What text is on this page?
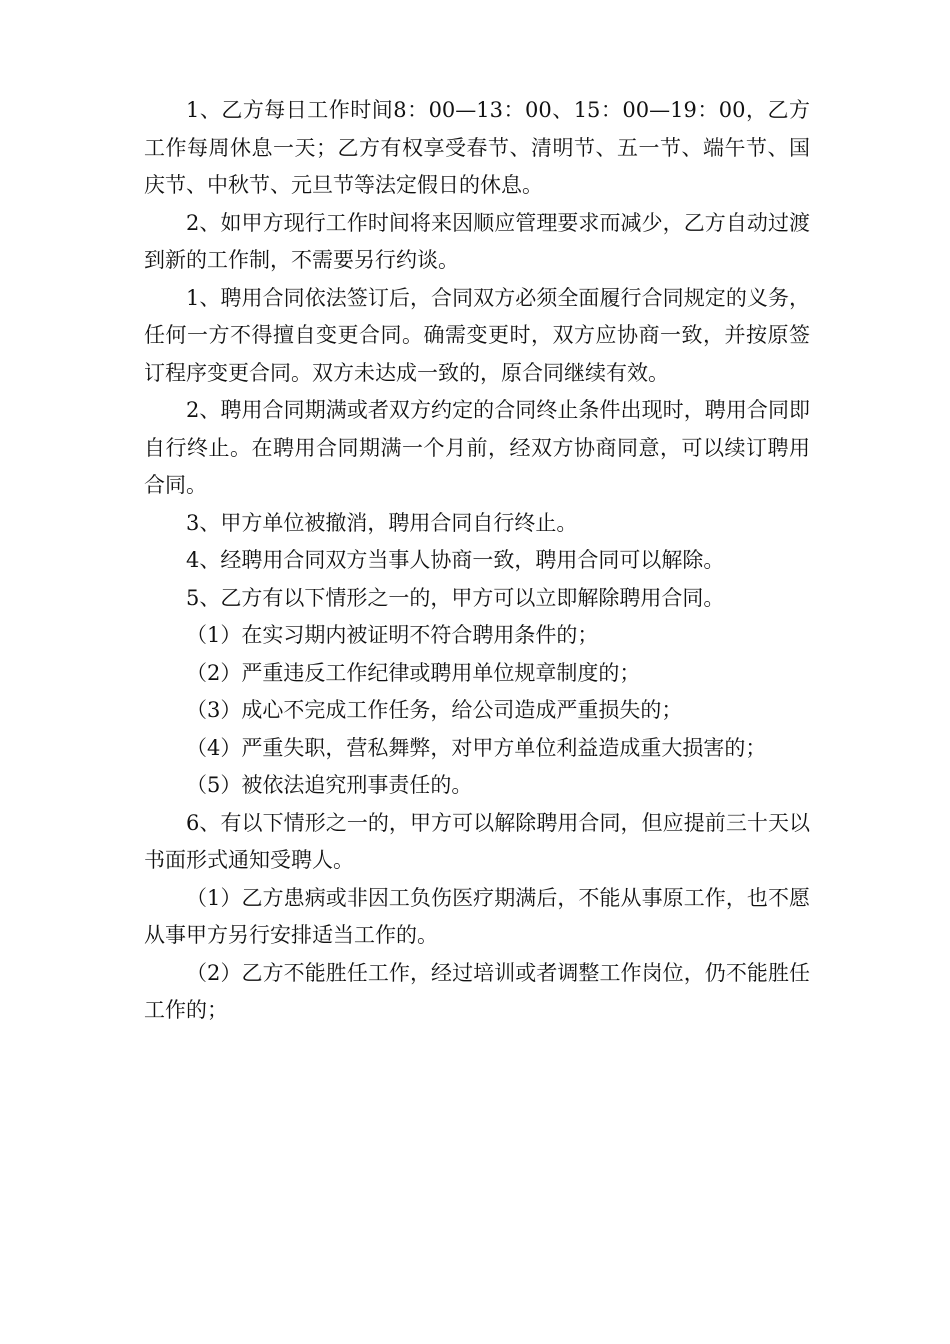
1、乙方每日工作时间8：00—13：00、15：00—19：00，乙方工作每周休息一天；乙方有权享受春节、清明节、五一节、端午节、国庆节、中秋节、元旦节等法定假日的休息。

2、如甲方现行工作时间将来因顺应管理要求而减少，乙方自动过渡到新的工作制，不需要另行约谈。

1、聘用合同依法签订后，合同双方必须全面履行合同规定的义务，任何一方不得擅自变更合同。确需变更时，双方应协商一致，并按原签订程序变更合同。双方未达成一致的，原合同继续有效。

2、聘用合同期满或者双方约定的合同终止条件出现时，聘用合同即自行终止。在聘用合同期满一个月前，经双方协商同意，可以续订聘用合同。

3、甲方单位被撤消，聘用合同自行终止。

4、经聘用合同双方当事人协商一致，聘用合同可以解除。

5、乙方有以下情形之一的，甲方可以立即解除聘用合同。

（1）在实习期内被证明不符合聘用条件的；

（2）严重违反工作纪律或聘用单位规章制度的；

（3）成心不完成工作任务，给公司造成严重损失的；

（4）严重失职，营私舞弊，对甲方单位利益造成重大损害的；

（5）被依法追究刑事责任的。

6、有以下情形之一的，甲方可以解除聘用合同，但应提前三十天以书面形式通知受聘人。

（1）乙方患病或非因工负伤医疗期满后，不能从事原工作，也不愿从事甲方另行安排适当工作的。

（2）乙方不能胜任工作，经过培训或者调整工作岗位，仍不能胜任工作的；
